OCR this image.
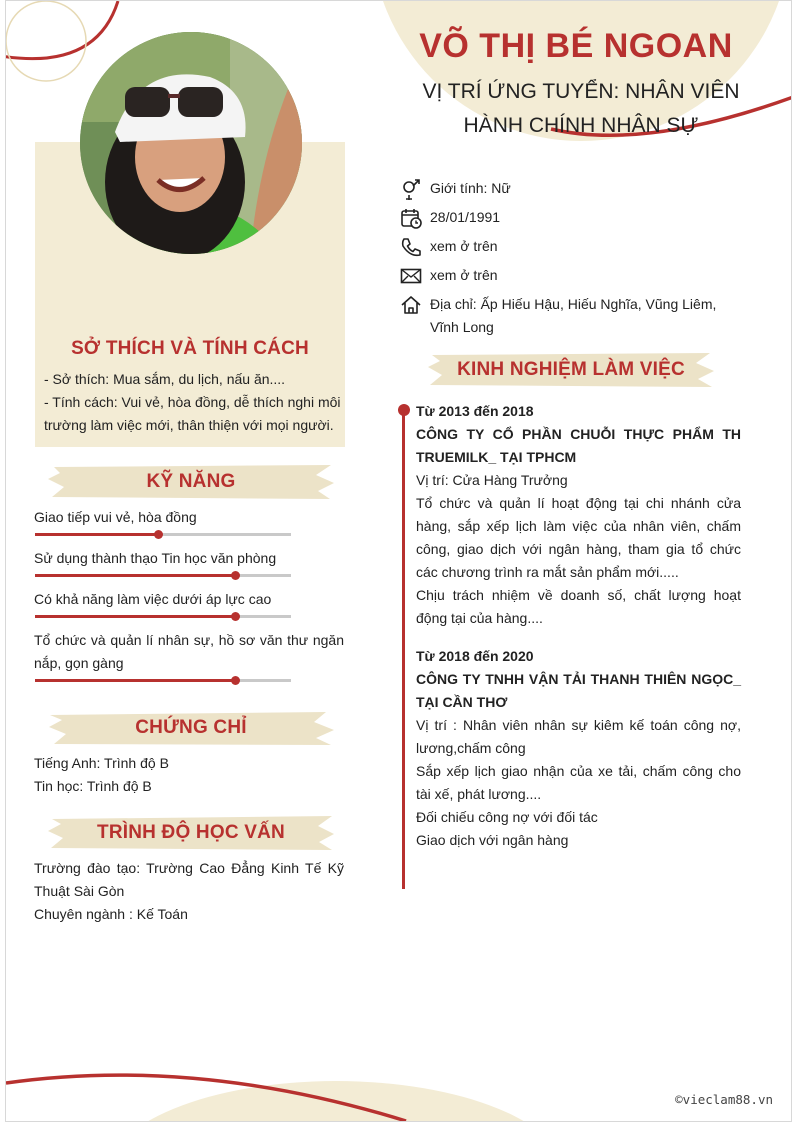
VÕ THỊ BÉ NGOAN
VỊ TRÍ ỨNG TUYỂN: NHÂN VIÊN
HÀNH CHÍNH NHÂN SỰ
Giới tính: Nữ
28/01/1991
xem ở trên
xem ở trên
Địa chỉ: Ấp Hiếu Hậu, Hiếu Nghĩa, Vũng Liêm, Vĩnh Long
SỞ THÍCH VÀ TÍNH CÁCH
- Sở thích: Mua sắm, du lịch, nấu ăn....
- Tính cách: Vui vẻ, hòa đồng, dễ thích nghi môi trường làm việc mới, thân thiện với mọi người.
KỸ NĂNG
Giao tiếp vui vẻ, hòa đồng
Sử dụng thành thạo Tin học văn phòng
Có khả năng làm việc dưới áp lực cao
Tổ chức và quản lí nhân sự, hồ sơ văn thư ngăn nắp, gọn gàng
CHỨNG CHỈ
Tiếng Anh: Trình độ B
Tin học: Trình độ B
TRÌNH ĐỘ HỌC VẤN
Trường đào tạo: Trường Cao Đẳng Kinh Tế Kỹ Thuật Sài Gòn
Chuyên ngành : Kế Toán
KINH NGHIỆM LÀM VIỆC

Từ 2013 đến 2018

CÔNG TY CỔ PHẦN CHUỖI THỰC PHẨM TH TRUEMILK_ TẠI TPHCM

Vị trí: Cửa Hàng Trưởng

Tổ chức và quản lí hoạt động tại chi nhánh cửa hàng, sắp xếp lịch làm việc của nhân viên, chấm công, giao dịch với ngân hàng, tham gia tổ chức các chương trình ra mắt sản phẩm mới.....

Chịu trách nhiệm về doanh số, chất lượng hoạt động tại của hàng....

Từ 2018 đến 2020

CÔNG TY TNHH VẬN TẢI THANH THIÊN NGỌC_ TẠI CẦN THƠ

Vị trí : Nhân viên nhân sự kiêm kế toán công nợ, lương,chấm công

Sắp xếp lịch giao nhận của xe tải, chấm công cho tài xế, phát lương....

Đối chiếu công nợ với đối tác

Giao dịch với ngân hàng

©vieclam88.vn
